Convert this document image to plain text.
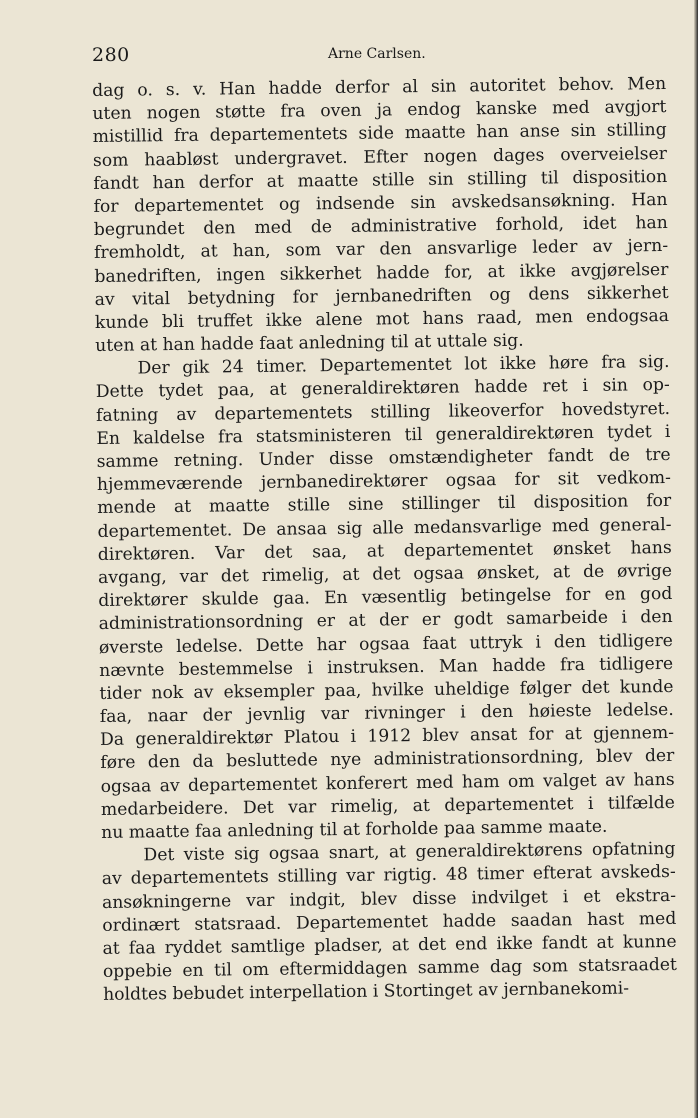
280	Arne Carlsen.
dag o. s. v. Han hadde derfor al sin autoritet behov. Men
uten nogen støtte fra oven ja endog kanske med avgjort
mistillid fra departementets side maatte han anse sin stilling
som haabløst undergravet. Efter nogen dages overveielser
fandt han derfor at maatte stille sin stilling til disposition
for departementet og indsende sin avskedsansøkning. Han
begrundet den med de administrative forhold, idet han
fremholdt, at han, som var den ansvarlige leder av jern-
banedriften, ingen sikkerhet hadde for, at ikke avgjørelser
av vital betydning for jernbanedriften og dens sikkerhet
kunde bli truffet ikke alene mot hans raad, men endogsaa
uten at han hadde faat anledning til at uttale sig.
Der gik 24 timer. Departementet lot ikke høre fra sig.
Dette tydet paa, at generaldirektøren hadde ret i sin op-
fatning av departementets stilling likeoverfor hovedstyret.
En kaldelse fra statsministeren til generaldirektøren tydet i
samme retning. Under disse omstændigheter fandt de tre
hjemmeværende jernbanedirektører ogsaa for sit vedkom-
mende at maatte stille sine stillinger til disposition for
departementet. De ansaa sig alle medansvarlige med general-
direktøren. Var det saa, at departementet ønsket hans
avgang, var det rimelig, at det ogsaa ønsket, at de øvrige
direktører skulde gaa. En væsentlig betingelse for en god
administrationsordning er at der er godt samarbeide i den
øverste ledelse. Dette har ogsaa faat uttryk i den tidligere
nævnte bestemmelse i instruksen. Man hadde fra tidligere
tider nok av eksempler paa, hvilke uheldige følger det kunde
faa, naar der jevnlig var rivninger i den høieste ledelse.
Da generaldirektør Platou i 1912 blev ansat for at gjennem-
føre den da besluttede nye administrationsordning, blev der
ogsaa av departementet konferert med ham om valget av hans
medarbeidere. Det var rimelig, at departementet i tilfælde
nu maatte faa anledning til at forholde paa samme maate.
Det viste sig ogsaa snart, at generaldirektørens opfatning
av departementets stilling var rigtig. 48 timer efterat avskeds-
ansøkningerne var indgit, blev disse indvilget i et ekstra-
ordinært statsraad. Departementet hadde saadan hast med
at faa ryddet samtlige pladser, at det end ikke fandt at kunne
oppebie en til om eftermiddagen samme dag som statsraadet
holdtes bebudet interpellation i Stortinget av jernbanekomi-
